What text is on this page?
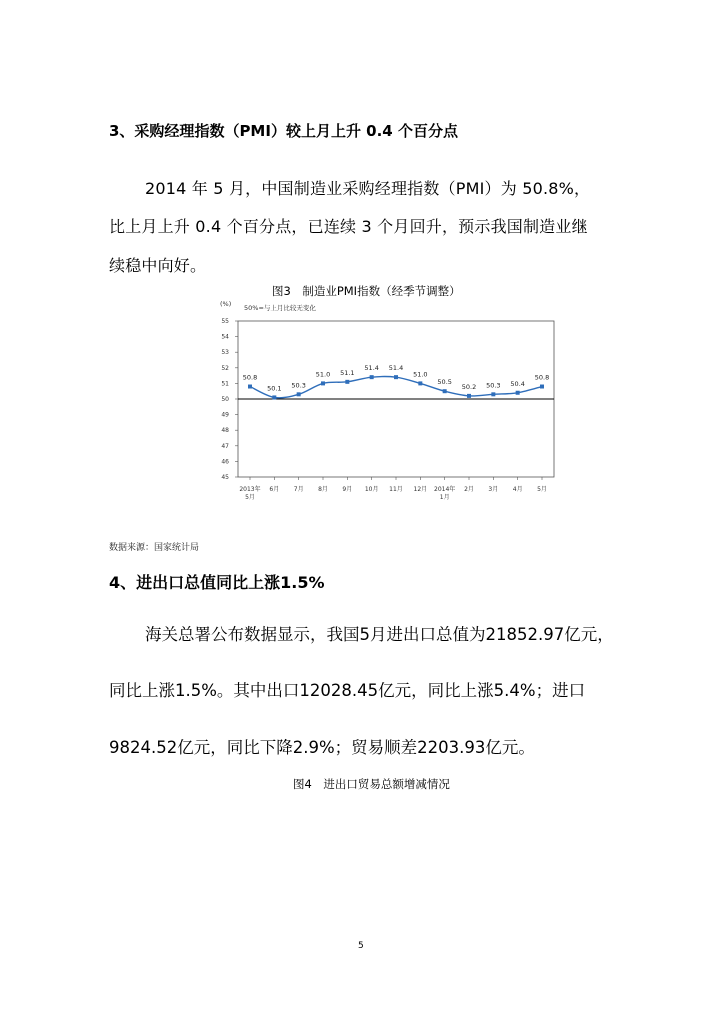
3、采购经理指数（PMI）较上月上升 0.4 个百分点
2014 年 5 月，中国制造业采购经理指数（PMI）为 50.8%，
比上月上升 0.4 个百分点，已连续 3 个月回升，预示我国制造业继
续稳中向好。
图3　制造业PMI指数（经季节调整）
45
46
47
48
49
50
51
52
53
54
55
(%) 50%=与上月比较无变化
2013年 5月
6月 7月 8月 9月 10月 11月 12月 2014年 1月
2月 3月 4月 5月
50.8
50.1 50.3
51.0 51.1
51.4 51.4
51.0
50.5
50.2 50.3 50.4
50.8
数据来源：国家统计局
4、进出口总值同比上涨1.5%
海关总署公布数据显示，我国5月进出口总值为21852.97亿元，
同比上涨1.5%。其中出口12028.45亿元，同比上涨5.4%；进口
9824.52亿元，同比下降2.9%；贸易顺差2203.93亿元。
图4　进出口贸易总额增减情况
5
